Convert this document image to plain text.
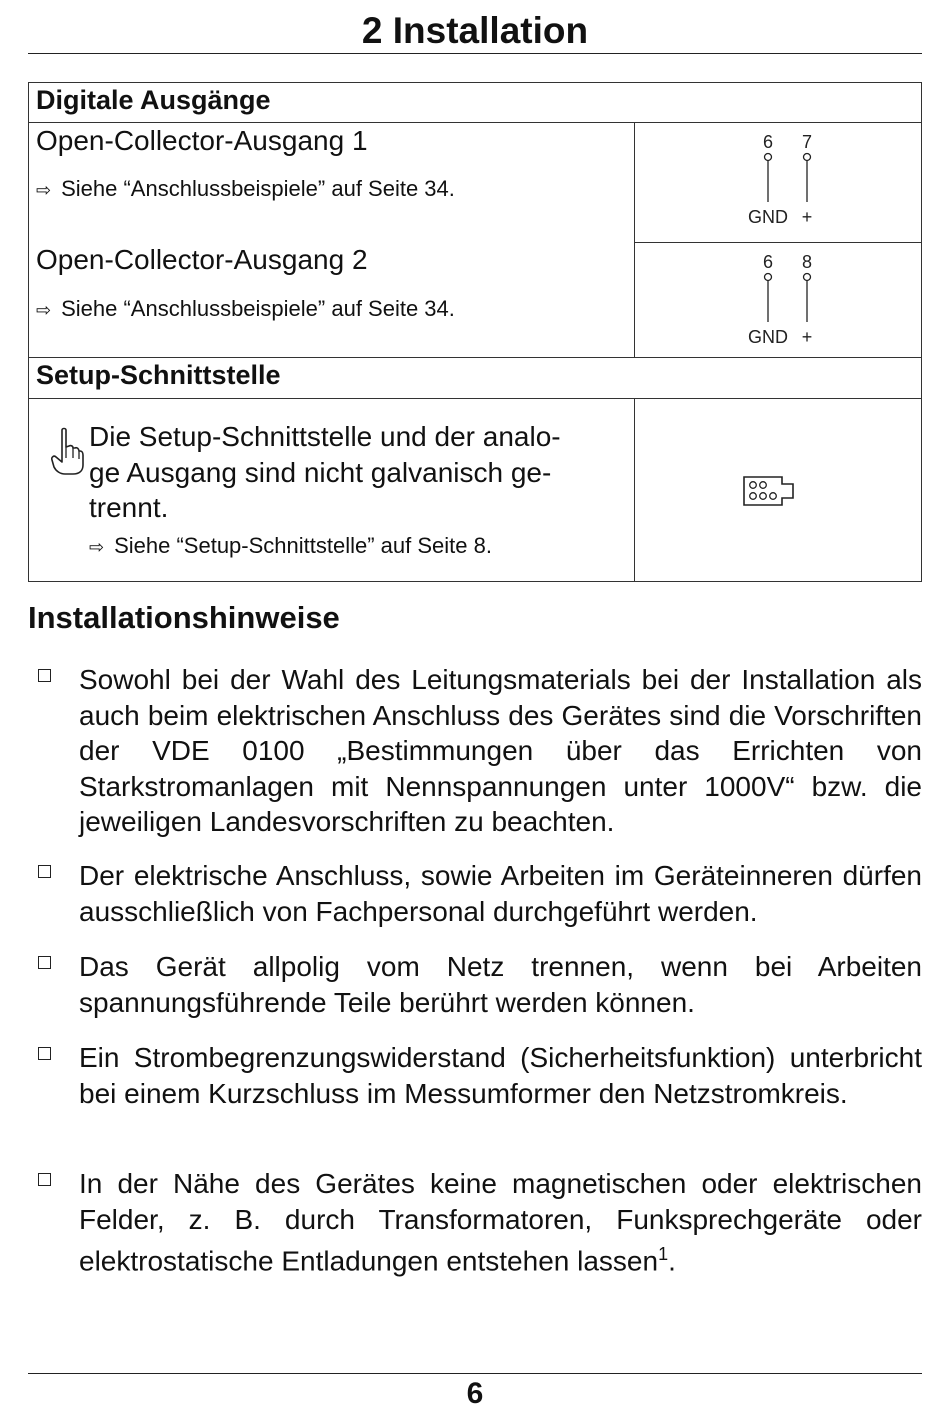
2 Installation
Digitale Ausgänge
Open-Collector-Ausgang 1
⇨ Siehe “Anschlussbeispiele” auf Seite 34.
Open-Collector-Ausgang 2
⇨ Siehe “Anschlussbeispiele” auf Seite 34.
6 7
GND +
6 8
GND +
Setup-Schnittstelle
Die Setup-Schnittstelle und der analo-
ge Ausgang sind nicht galvanisch ge-
trennt.
⇨ Siehe “Setup-Schnittstelle” auf Seite 8.
Installationshinweise
Sowohl bei der Wahl des Leitungsmaterials bei der Installation als auch beim elektrischen Anschluss des Gerätes sind die Vorschriften der VDE 0100 „Bestimmungen über das Errichten von Starkstromanlagen mit Nennspannungen unter 1000V“ bzw. die jeweiligen Landesvorschriften zu beachten.
Der elektrische Anschluss, sowie Arbeiten im Geräteinneren dürfen ausschließlich von Fachpersonal durchgeführt werden.
Das Gerät allpolig vom Netz trennen, wenn bei Arbeiten spannungsführende Teile berührt werden können.
Ein Strombegrenzungswiderstand (Sicherheitsfunktion) unterbricht bei einem Kurzschluss im Messumformer den Netzstromkreis.
In der Nähe des Gerätes keine magnetischen oder elektrischen Felder, z. B. durch Transformatoren, Funksprechgeräte oder elektrostatische Entladungen entstehen lassen$^1$.
6
